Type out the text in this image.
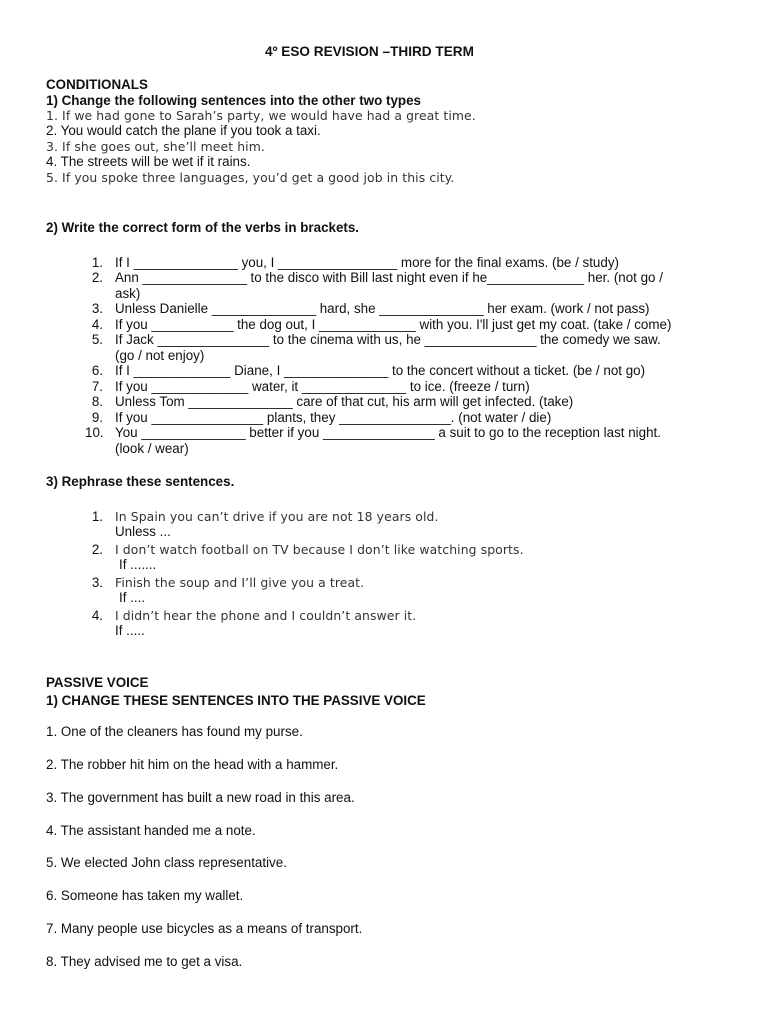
4º ESO REVISION –THIRD TERM
CONDITIONALS
1) Change the following sentences into the other two types
1. If we had gone to Sarah’s party, we would have had a great time.
2. You would catch the plane if you took a taxi.
3. If she goes out, she’ll meet him.
4. The streets will be wet if it rains.
5. If you spoke three languages, you’d get a good job in this city.
2) Write the correct form of the verbs in brackets.
1. If I ______________ you, I ________________ more for the final exams. (be / study)
2. Ann ______________ to the disco with Bill last night even if he_____________ her. (not go /
ask)
3. Unless Danielle ______________ hard, she ______________ her exam. (work / not pass)
4. If you ___________ the dog out, I _____________ with you. I'll just get my coat. (take / come)
5. If Jack _______________ to the cinema with us, he _______________ the comedy we saw.
(go / not enjoy)
6. If I _____________ Diane, I ______________ to the concert without a ticket. (be / not go)
7. If you _____________ water, it ______________ to ice. (freeze / turn)
8. Unless Tom ______________ care of that cut, his arm will get infected. (take)
9. If you _______________ plants, they _______________. (not water / die)
10. You ______________ better if you _______________ a suit to go to the reception last night.
(look / wear)
3) Rephrase these sentences.
1. In Spain you can’t drive if you are not 18 years old.
Unless ...
2. I don’t watch football on TV because I don’t like watching sports.
If .......
3. Finish the soup and I’ll give you a treat.
If ....
4. I didn’t hear the phone and I couldn’t answer it.
If .....
PASSIVE VOICE
1) CHANGE THESE SENTENCES INTO THE PASSIVE VOICE
1. One of the cleaners has found my purse.
2. The robber hit him on the head with a hammer.
3. The government has built a new road in this area.
4. The assistant handed me a note.
5. We elected John class representative.
6. Someone has taken my wallet.
7. Many people use bicycles as a means of transport.
8. They advised me to get a visa.
